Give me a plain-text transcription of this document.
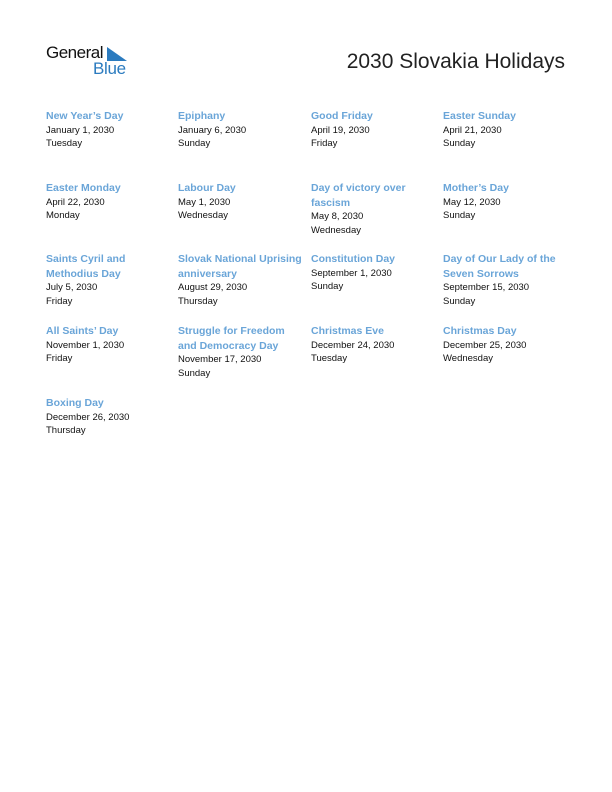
General
Blue	2030 Slovakia Holidays
New Year’s Day
January 1, 2030
Tuesday
Epiphany
January 6, 2030
Sunday
Good Friday
April 19, 2030
Friday
Easter Sunday
April 21, 2030
Sunday
Easter Monday
April 22, 2030
Monday
Labour Day
May 1, 2030
Wednesday
Day of victory over fascism
May 8, 2030
Wednesday
Mother’s Day
May 12, 2030
Sunday
Saints Cyril and Methodius Day
July 5, 2030
Friday
Slovak National Uprising anniversary
August 29, 2030
Thursday
Constitution Day
September 1, 2030
Sunday
Day of Our Lady of the Seven Sorrows
September 15, 2030
Sunday
All Saints’ Day
November 1, 2030
Friday
Struggle for Freedom and Democracy Day
November 17, 2030
Sunday
Christmas Eve
December 24, 2030
Tuesday
Christmas Day
December 25, 2030
Wednesday
Boxing Day
December 26, 2030
Thursday
